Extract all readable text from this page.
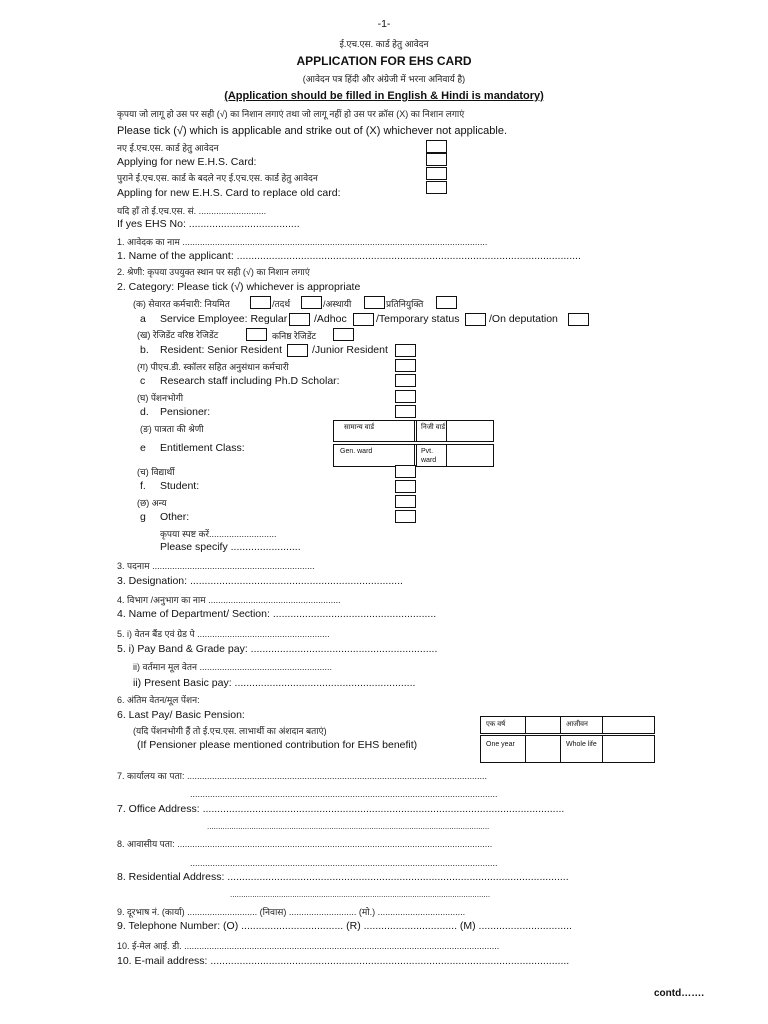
-1-
ई.एच.एस. कार्ड हेतु आवेदन
APPLICATION FOR EHS CARD
(आवेदन पत्र हिंदी और अंग्रेजी में भरना अनिवार्य है)
(Application should be filled in English & Hindi is mandatory)
कृपया जो लागू हो उस पर सही (√) का निशान लगाएं तथा जो लागू नहीं हो उस पर क्रॉस (X) का निशान लगाएं
Please tick (√) which is applicable and strike out of (X) whichever not applicable.
नए ई.एच.एस. कार्ड हेतु आवेदन
Applying for new E.H.S. Card:
पुराने ई.एच.एस. कार्ड के बदले नए ई.एच.एस. कार्ड हेतु आवेदन
Appling for new E.H.S. Card to replace old card:
यदि हाँ तो ई.एच.एस. सं. ...........................
If yes EHS No: ......................................
1. आवेदक का नाम ..........................................................................................................................
1. Name of the applicant: ......................................................................................................................
2. श्रेणी: कृपया उपयुक्त स्थान पर सही (√) का निशान लगाएं
2. Category: Please tick (√) whichever is appropriate
(क) सेवारत कर्मचारी: नियमित	/तदर्थ	/अस्थायी	प्रतिनियुक्ति
a Service Employee: Regular	/Adhoc	/Temporary status	/On deputation
(ख) रेजिडेंट वरिष्ठ रेजिडेंट	कनिष्ठ रेजिडेंट
b. Resident: Senior Resident	/Junior Resident
(ग) पीएच.डी. स्कॉलर सहित अनुसंधान कर्मचारी
c Research staff including Ph.D Scholar:
(घ) पेंशनभोगी
d. Pensioner:
(ङ) पात्रता की श्रेणी
e Entitlement Class:
सामान्य वार्ड	निजी वार्ड
Gen. ward	Pvt. ward
(च) विद्यार्थी
f. Student:
(छ) अन्य
g Other:
कृपया स्पष्ट करें...........................
Please specify ........................
3. पदनाम .................................................................
3. Designation: .........................................................................
4. विभाग /अनुभाग का नाम .....................................................
4. Name of Department/ Section: ........................................................
5. i) वेतन बैंड एवं ग्रेड पे .....................................................
5. i) Pay Band & Grade pay: ................................................................
ii) वर्तमान मूल वेतन .....................................................
ii) Present Basic pay: ..............................................................
6. अंतिम वेतन/मूल पेंशन:
6. Last Pay/ Basic Pension:
(यदि पेंशनभोगी हैं तो ई.एच.एस. लाभार्थी का अंशदान बताएं)
(If Pensioner please mentioned contribution for EHS benefit)
एक वर्ष	आजीवन
One year	Whole life
7. कार्यालय का पता: ........................................................................................................................
...........................................................................................................................
7. Office Address: ............................................................................................................................
...............................................................................................................................
8. आवासीय पता: ..............................................................................................................................
...........................................................................................................................
8. Residential Address: .....................................................................................................................
.....................................................................................................................
9. दूरभाष नं. (कार्या) ............................ (निवास) ........................... (मो.) ...................................
9. Telephone Number: (O) ................................... (R) ................................ (M) ................................
10. ई-मेल आई. डी. ..............................................................................................................................
10. E-mail address: ...........................................................................................................................
contd…….
